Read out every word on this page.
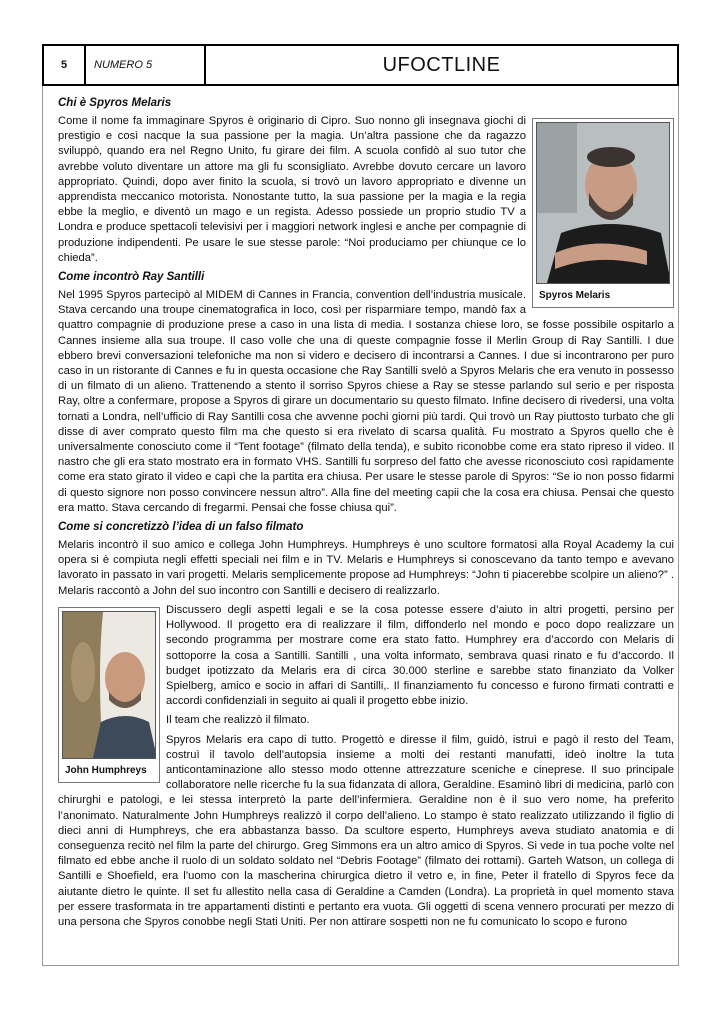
5	NUMERO 5	UFOCTLINE
Chi è Spyros Melaris
Spyros Melaris

Come il nome fa immaginare Spyros è originario di Cipro. Suo nonno gli insegnava giochi di prestigio e così nacque la sua passione per la magia. Un’altra passione che da ragazzo sviluppò, quando era nel Regno Unito, fu girare dei film. A scuola confidò al suo tutor che avrebbe voluto diventare un attore ma gli fu sconsigliato. Avrebbe dovuto cercare un lavoro appropriato. Quindi, dopo aver finito la scuola, si trovò un lavoro appropriato e divenne un apprendista meccanico motorista. Nonostante tutto, la sua passione per la magia e la regia ebbe la meglio, e diventò un mago e un regista. Adesso possiede un proprio studio TV a Londra e produce spettacoli televisivi per i maggiori network inglesi e anche per compagnie di produzione indipendenti. Pe usare le sue stesse parole: “Noi produciamo per chiunque ce lo chieda”.

Come incontrò Ray Santilli

Nel 1995 Spyros partecipò al MIDEM di Cannes in Francia, convention dell’industria musicale. Stava cercando una troupe cinematografica in loco, così per risparmiare tempo, mandò fax a quattro compagnie di produzione prese a caso in una lista di media. I sostanza chiese loro, se fosse possibile ospitarlo a Cannes insieme alla sua troupe. Il caso volle che una di queste compagnie fosse il Merlin Group di Ray Santilli. I due ebbero brevi conversazioni telefoniche ma non si videro e decisero di incontrarsi a Cannes. I due si incontrarono per puro caso in un ristorante di Cannes e fu in questa occasione che Ray Santilli svelò a Spyros Melaris che era venuto in possesso di un filmato di un alieno. Trattenendo a stento il sorriso Spyros chiese a Ray se stesse parlando sul serio e per risposta Ray, oltre a confermare, propose a Spyros di girare un documentario su questo filmato. Infine decisero di rivedersi, una volta tornati a Londra, nell’ufficio di Ray Santilli cosa che avvenne pochi giorni più tardi. Qui trovò un Ray piuttosto turbato che gli disse di aver comprato questo film ma che questo si era rivelato di scarsa qualità. Fu mostrato a Spyros quello che è universalmente conosciuto come il “Tent footage” (filmato della tenda), e subito riconobbe come era stato ripreso il video. Il nastro che gli era stato mostrato era in formato VHS. Santilli fu sorpreso del fatto che avesse riconosciuto così rapidamente come era stato girato il video e capì che la partita era chiusa. Per usare le stesse parole di Spyros: “Se io non posso fidarmi di questo signore non posso convincere nessun altro”. Alla fine del meeting capii che la cosa era chiusa. Pensai che questo era matto. Stava cercando di fregarmi. Pensai che fosse chiusa qui”.

Come si concretizzò l’idea di un falso filmato

Melaris incontrò il suo amico e collega John Humphreys. Humphreys è uno scultore formatosi alla Royal Academy la cui opera si è compiuta negli effetti speciali nei film e in TV. Melaris e Humphreys si conoscevano da tanto tempo e avevano lavorato in passato in vari progetti. Melaris semplicemente propose ad Humphreys: “John ti piacerebbe scolpire un alieno?” . Melaris raccontò a John del suo incontro con Santilli e decisero di realizzarlo.

John Humphreys

Discussero degli aspetti legali e se la cosa potesse essere d’aiuto in altri progetti, persino per Hollywood. Il progetto era di realizzare il film, diffonderlo nel mondo e poco dopo realizzare un secondo programma per mostrare come era stato fatto. Humphrey era d’accordo con Melaris di sottoporre la cosa a Santilli. Santilli , una volta informato, sembrava quasi rinato e fu d’accordo. Il budget ipotizzato da Melaris era di circa 30.000 sterline e sarebbe stato finanziato da Volker Spielberg, amico e socio in affari di Santilli,. Il finanziamento fu concesso e furono firmati contratti e accordi confidenziali in seguito ai quali il progetto ebbe inizio.

Il team che realizzò il filmato.

Spyros Melaris era capo di tutto. Progettò e diresse il film, guidò, istruì e pagò il resto del Team, costruì il tavolo dell’autopsia insieme a molti dei restanti manufatti, ideò inoltre la tuta anticontaminazione allo stesso modo ottenne attrezzature sceniche e cineprese. Il suo principale collaboratore nelle ricerche fu la sua fidanzata di allora, Geraldine. Esaminò libri di medicina, parlò con chirurghi e patologi, e lei stessa interpretò la parte dell’infermiera. Geraldine non è il suo vero nome, ha preferito l’anonimato. Naturalmente John Humphreys realizzò il corpo dell’alieno. Lo stampo è stato realizzato utilizzando il figlio di dieci anni di Humphreys, che era abbastanza basso. Da scultore esperto, Humphreys aveva studiato anatomia e di conseguenza recitò nel film la parte del chirurgo. Greg Simmons era un altro amico di Spyros. Si vede in tua poche volte nel filmato ed ebbe anche il ruolo di un soldato soldato nel “Debris Footage” (filmato dei rottami). Garteh Watson, un collega di Santilli e Shoefield, era l’uomo con la mascherina chirurgica dietro il vetro e, in fine, Peter il fratello di Spyros fece da aiutante dietro le quinte. Il set fu allestito nella casa di Geraldine a Camden (Londra). La proprietà in quel momento stava per essere trasformata in tre appartamenti distinti e pertanto era vuota. Gli oggetti di scena vennero procurati per mezzo di una persona che Spyros conobbe negli Stati Uniti. Per non attirare sospetti non ne fu comunicato lo scopo e furono
